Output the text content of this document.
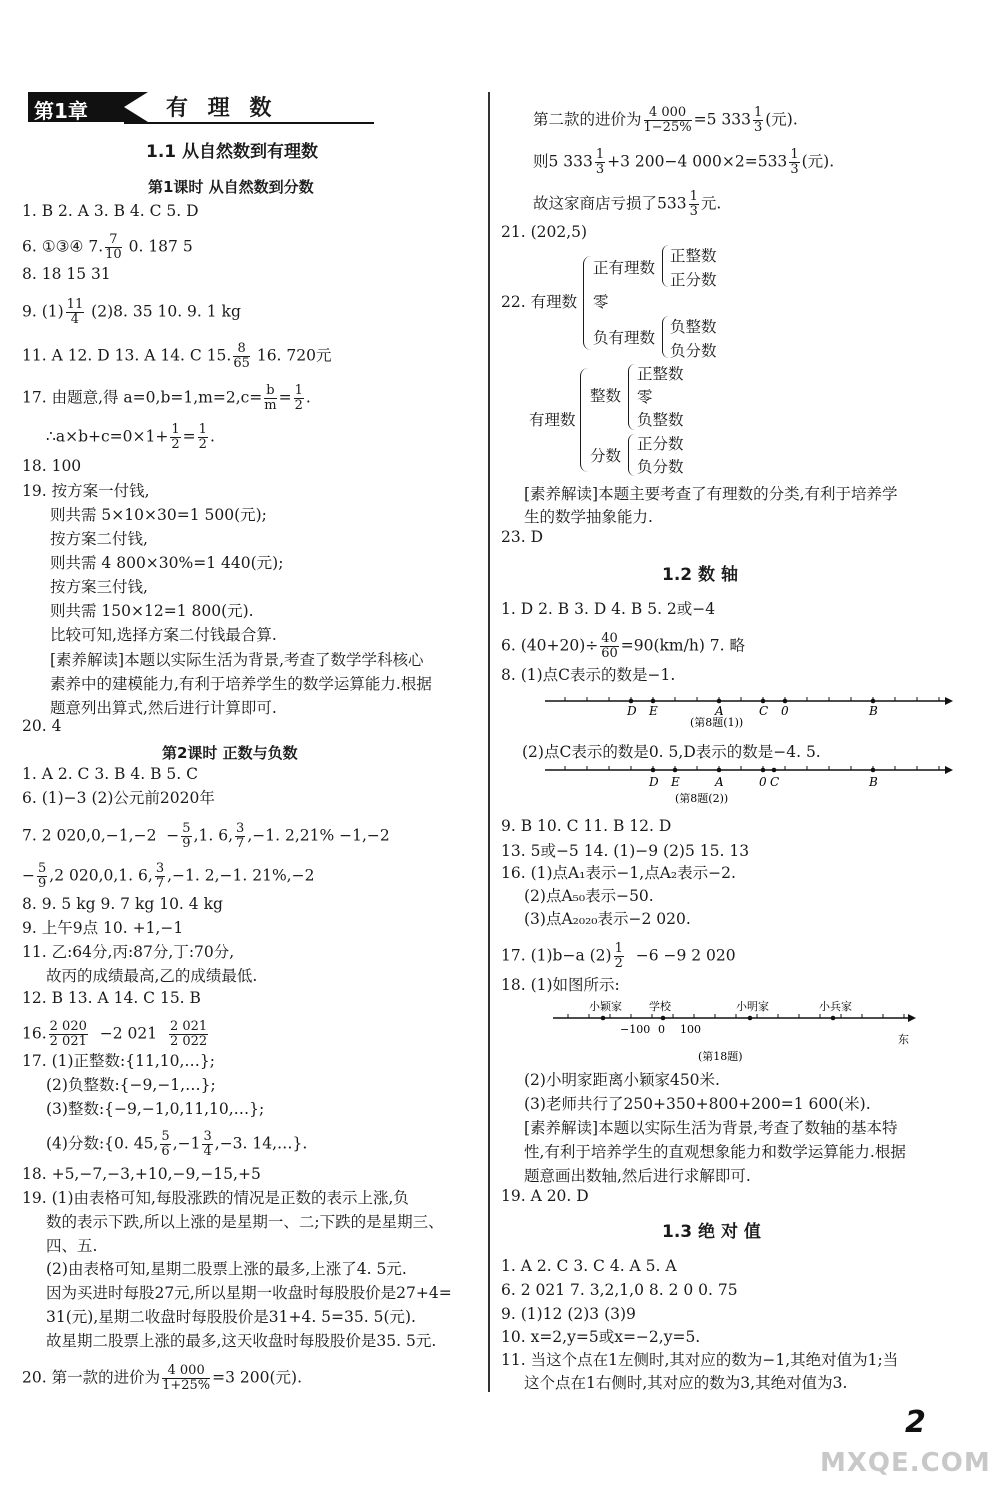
第1章	有 理 数
1.1 从自然数到有理数
第1课时 从自然数到分数
1. B 2. A 3. B 4. C 5. D
6. ①③④ 7. $\frac{7}{10} 0$. 187 5
8. 18 15 31
9. $(1) \frac{11}{4} (2)8$. 35 10. 9. 1 kg
11. A 12. D 13. A 14. C 15. $\frac{8}{65} 16$. 720元
17. 由题意,得 $a=0,b=1,m=2,c= \frac{b}{m} = \frac{1}{2}$ .
∴a×b+c=0×1+ $\frac{1}{2} = \frac{1}{2}$ .
18. 100
19. 按方案一付钱,
则共需 5×10×30=1 500(元);
按方案二付钱,
则共需 4 800×30%=1 440(元);
按方案三付钱,
则共需 150×12=1 800(元).
比较可知,选择方案二付钱最合算.
[素养解读]本题以实际生活为背景,考查了数学学科核心
素养中的建模能力,有利于培养学生的数学运算能力.根据
题意列出算式,然后进行计算即可.
20. 4
第2课时 正数与负数
1. A 2. C 3. B 4. B 5. C
6. (1)−3 (2)公元前2020年
7. 2 $020,0,-1,-2 - \frac{5}{9} ,1$. 6, $\frac{3}{7} ,-1$. 2,21% −1,−2
− $\frac{5}{9} ,2$ 020,0,1. 6, $\frac{3}{7} ,-1$. 2,−1. 21%,−2
8. 9. 5 kg 9. 7 kg 10. 4 kg
9. 上午9点 10. +1,−1
11. 乙:64分,丙:87分,丁:70分,
故丙的成绩最高,乙的成绩最低.
12. B 13. A 14. C 15. B
16. $\frac{2 020}{2 021} -2$ $021 \frac{2 021}{2 022}$
17. (1)正整数:{11,10,…};
(2)负整数:{−9,−1,…};
(3)整数:{−9,−1,0,11,10,…};
(4)分数:{0. 45, $\frac{5}{6} ,-1 \frac{3}{4} ,-3$. 14,…}.
18. +5,−7,−3,+10,−9,−15,+5
19. (1)由表格可知,每股涨跌的情况是正数的表示上涨,负
数的表示下跌,所以上涨的是星期一、二;下跌的是星期三、
四、五.
(2)由表格可知,星期二股票上涨的最多,上涨了4. 5元.
因为买进时每股27元,所以星期一收盘时每股股价是27+4=
31(元),星期二收盘时每股股价是31+4. 5=35. 5(元).
故星期二股票上涨的最多,这天收盘时每股股价是35. 5元.
20. 第一款的进价为 $\frac{4 000}{1+25\%} =3$ 200(元).
第二款的进价为 $\frac{4 000}{1-25\%} =5$ $333 \frac{1}{3}$ (元).
则5 $333 \frac{1}{3} +3$ 200−4 $000\times 2=533 \frac{1}{3}$ (元).
故这家商店亏损了$533 \frac{1}{3}$ 元.
21. (202,5)
22. 有理数
正有理数
零
负有理数
正整数
正分数
负整数
负分数
有理数
整数
分数
正整数
零
负整数
正分数
负分数
[素养解读]本题主要考查了有理数的分类,有利于培养学
生的数学抽象能力.
23. D
1.2 数 轴
1. D 2. B 3. D 4. B 5. 2或−4
6. $(40+20)\div \frac{40}{60} =90(km/h)$ 7. 略
8. (1)点C表示的数是−1.
D E	A	C 0	B
(第8题(1))
(2)点C表示的数是0. 5,D表示的数是−4. 5.
D E	A	C
0	B
(第8题(2))
9. B 10. C 11. B 12. D
13. 5或−5 14. (1)−9 (2)5 15. 13
16. (1)点A₁表示−1,点A₂表示−2.
(2)点A₅₀表示−50.
(3)点A₂₀₂₀表示−2 020.
17. (1)b−a $(2) \frac{1}{2} -6 -9$ 2 020
18. (1)如图所示:
小颖家 学校	小明家	小兵家
−100 0 100
东
(第18题)
(2)小明家距离小颖家450米.
(3)老师共行了250+350+800+200=1 600(米).
[素养解读]本题以实际生活为背景,考查了数轴的基本特
性,有利于培养学生的直观想象能力和数学运算能力.根据
题意画出数轴,然后进行求解即可.
19. A 20. D
1.3 绝 对 值
1. A 2. C 3. C 4. A 5. A
6. 2 021 7. 3,2,1,0 8. 2 0 0. 75
9. (1)12 (2)3 (3)9
10. x=2,y=5或x=−2,y=5.
11. 当这个点在1左侧时,其对应的数为−1,其绝对值为1;当
这个点在1右侧时,其对应的数为3,其绝对值为3.
2
MXQE.COM
